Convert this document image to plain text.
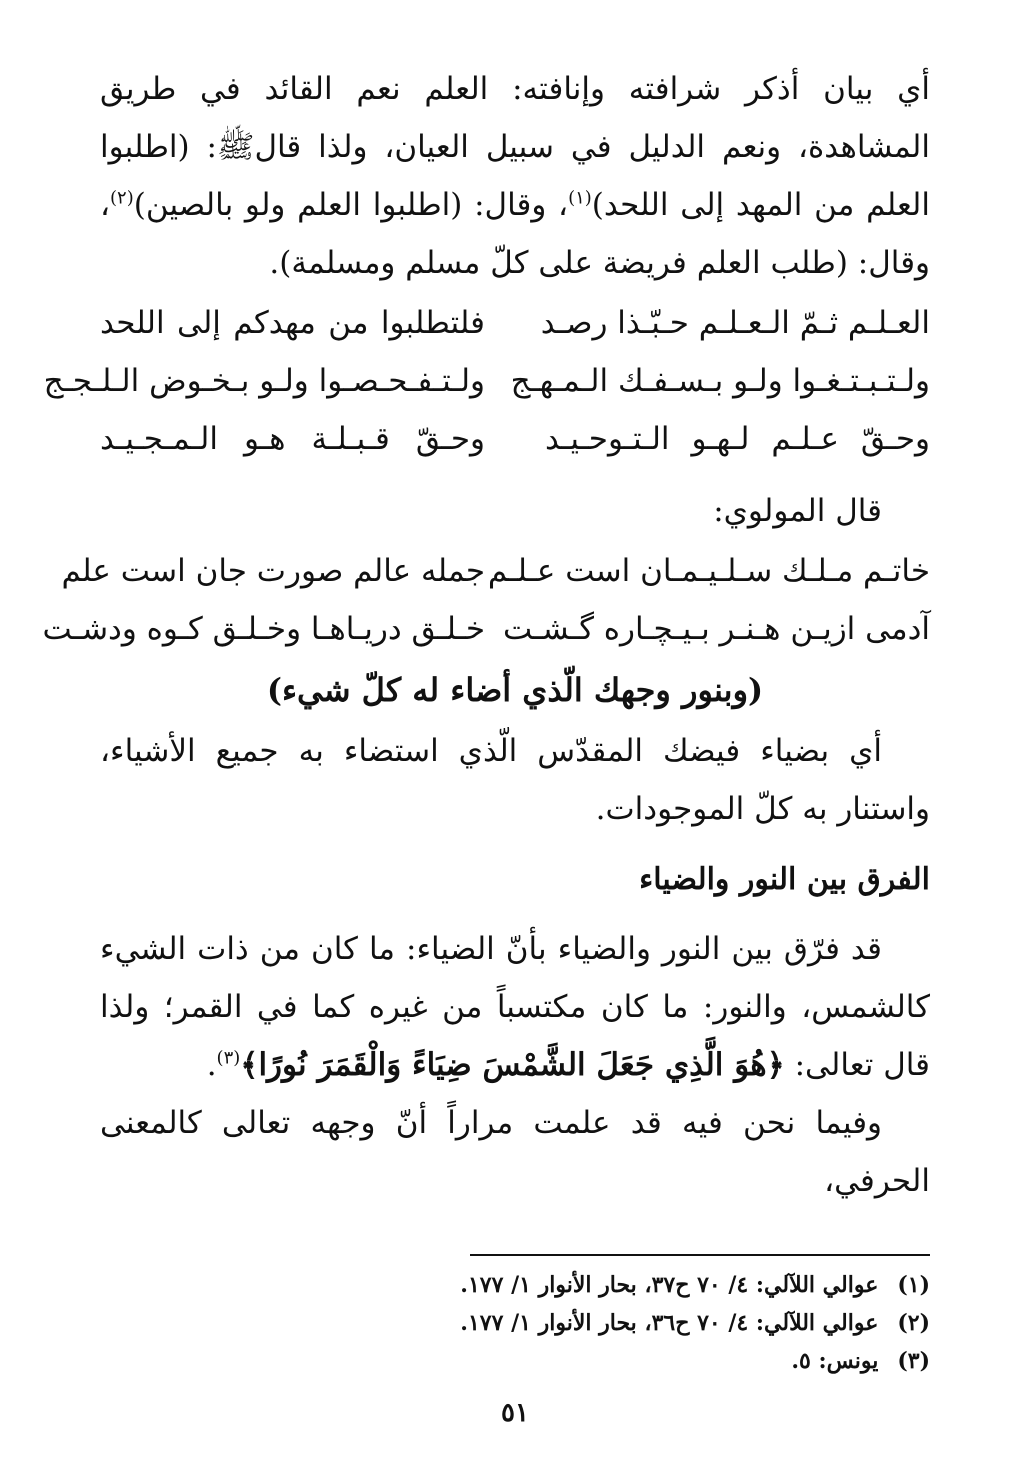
أي بيان أذكر شرافته وإنافته: العلم نعم القائد في طريق المشاهدة، ونعم الدليل في سبيل العيان، ولذا قالﷺ: (اطلبوا العلم من المهد إلى اللحد)$^{(١)}$، وقال: (اطلبوا العلم ولو بالصين)$^{(٢)}$، وقال: (طلب العلم فريضة على كلّ مسلم ومسلمة).

العـلـم ثـمّ الـعـلـم حـبّـذا رصـد
فلتطلبوا من مهدكم إلى اللحد
ولـتـبـتـغـوا ولـو بـسـفـك الـمـهـج
ولـتـفـحـصـوا ولـو بـخـوض الـلـجـج
وحـقّ عـلـم لـهـو الـتـوحـيـد
وحـقّ قـبـلـة هـو الـمـجـيـد

قال المولوي:

خاتـم مـلـك سـلـيـمـان است عـلـم
جمله عالم صورت جان است علم
آدمى ازيـن هـنـر بـيـچـاره گـشـت
خـلـق دريـاهـا وخـلـق كـوه ودشـت

(وبنور وجهك الّذي أضاء له كلّ شيء)

أي بضياء فيضك المقدّس الّذي استضاء به جميع الأشياء، واستنار به كلّ الموجودات.

الفرق بين النور والضياء

قد فرّق بين النور والضياء بأنّ الضياء: ما كان من ذات الشيء كالشمس، والنور: ما كان مكتسباً من غيره كما في القمر؛ ولذا قال تعالى: ﴿هُوَ الَّذِي جَعَلَ الشَّمْسَ ضِيَاءً وَالْقَمَرَ نُورًا﴾$^{(٣)}$.

وفيما نحن فيه قد علمت مراراً أنّ وجهه تعالى كالمعنى الحرفي،

(١) عوالي اللآلي: ٤/ ٧٠ ح٣٧، بحار الأنوار ١/ ١٧٧.
(٢) عوالي اللآلي: ٤/ ٧٠ ح٣٦، بحار الأنوار ١/ ١٧٧.
(٣) يونس: ٥.
٥١
